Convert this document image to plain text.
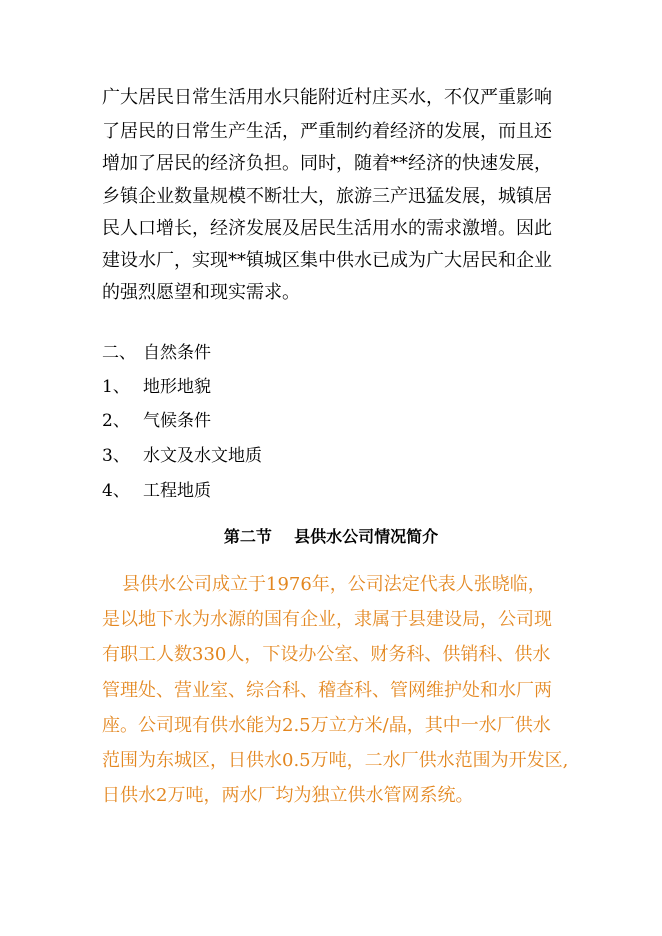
广大居民日常生活用水只能附近村庄买水，不仅严重影响
了居民的日常生产生活，严重制约着经济的发展，而且还
增加了居民的经济负担。同时，随着**经济的快速发展，
乡镇企业数量规模不断壮大，旅游三产迅猛发展，城镇居
民人口增长，经济发展及居民生活用水的需求激增。因此
建设水厂，实现**镇城区集中供水已成为广大居民和企业
的强烈愿望和现实需求。
二、 自然条件
1、 地形地貌
2、 气候条件
3、 水文及水文地质
4、 工程地质
第二节    县供水公司情况简介
县供水公司成立于1976年，公司法定代表人张晓临，
是以地下水为水源的国有企业，隶属于县建设局，公司现
有职工人数330人，下设办公室、财务科、供销科、供水
管理处、营业室、综合科、稽查科、管网维护处和水厂两
座。公司现有供水能为2.5万立方米/晶，其中一水厂供水
范围为东城区，日供水0.5万吨，二水厂供水范围为开发区,
日供水2万吨，两水厂均为独立供水管网系统。
